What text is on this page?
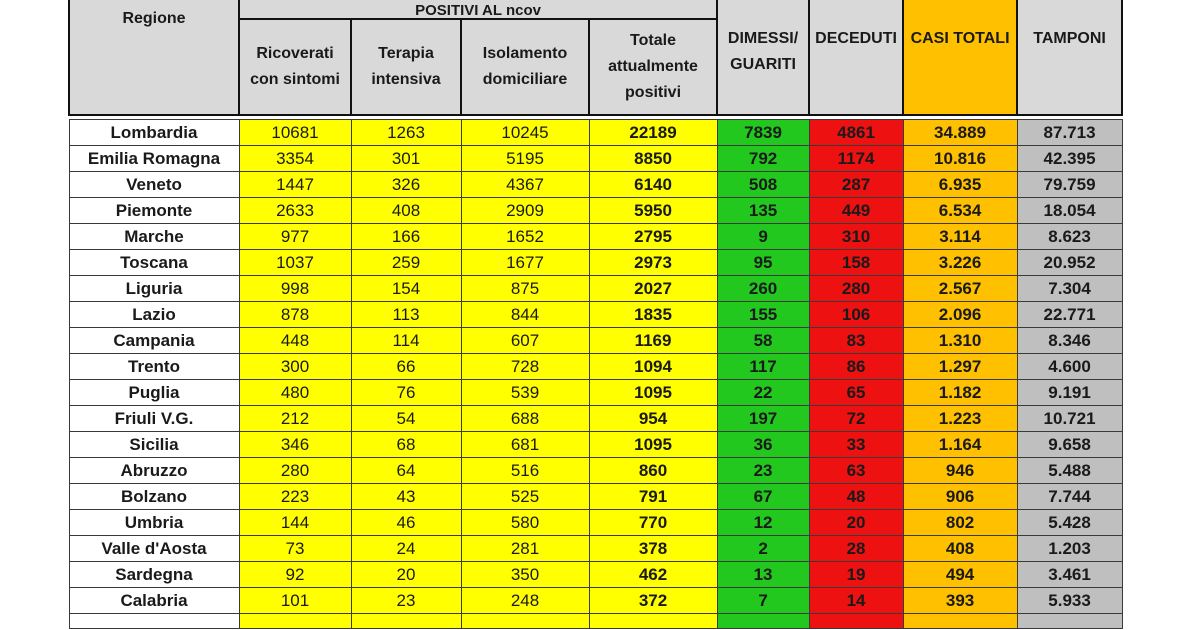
Regione	POSITIVI AL ncov				DIMESSI/ GUARITI	DECEDUTI	CASI TOTALI	TAMPONI
	Ricoverati con sintomi	Terapia intensiva	Isolamento domiciliare	Totale attualmente positivi				

Lombardia	10681	1263	10245	22189	7839	4861	34.889	87.713
Emilia Romagna	3354	301	5195	8850	792	1174	10.816	42.395
Veneto	1447	326	4367	6140	508	287	6.935	79.759
Piemonte	2633	408	2909	5950	135	449	6.534	18.054
Marche	977	166	1652	2795	9	310	3.114	8.623
Toscana	1037	259	1677	2973	95	158	3.226	20.952
Liguria	998	154	875	2027	260	280	2.567	7.304
Lazio	878	113	844	1835	155	106	2.096	22.771
Campania	448	114	607	1169	58	83	1.310	8.346
Trento	300	66	728	1094	117	86	1.297	4.600
Puglia	480	76	539	1095	22	65	1.182	9.191
Friuli V.G.	212	54	688	954	197	72	1.223	10.721
Sicilia	346	68	681	1095	36	33	1.164	9.658
Abruzzo	280	64	516	860	23	63	946	5.488
Bolzano	223	43	525	791	67	48	906	7.744
Umbria	144	46	580	770	12	20	802	5.428
Valle d'Aosta	73	24	281	378	2	28	408	1.203
Sardegna	92	20	350	462	13	19	494	3.461
Calabria	101	23	248	372	7	14	393	5.933
